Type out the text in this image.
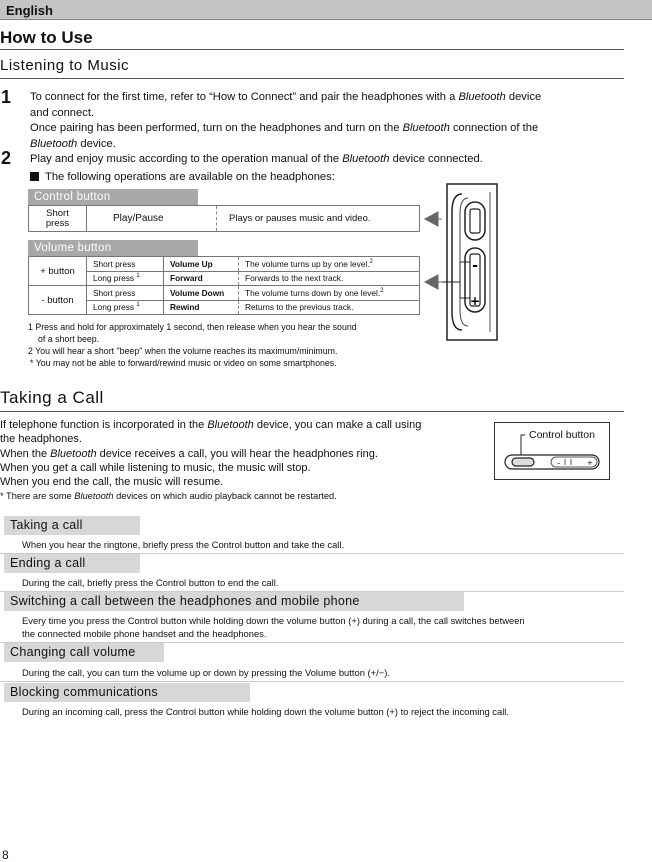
English
How to Use
Listening to Music
1 To connect for the first time, refer to “How to Connect” and pair the headphones with a Bluetooth device
and connect.
Once pairing has been performed, turn on the headphones and turn on the Bluetooth connection of the
Bluetooth device.
2 Play and enjoy music according to the operation manual of the Bluetooth device connected.
The following operations are available on the headphones:
Control button
Short press	Play/Pause	Plays or pauses music and video.
Volume button
+ button	Short press	Volume Up	The volume turns up by one level.$^2$
	Long press $^1$	Forward	Forwards to the next track.
- button	Short press	Volume Down	The volume turns down by one level.$^2$
	Long press $^1$	Rewind	Returns to the previous track.
-
+
1 Press and hold for approximately 1 second, then release when you hear the sound
of a short beep.
2 You will hear a short "beep" when the volume reaches its maximum/minimum.
* You may not be able to forward/rewind music or video on some smartphones.
Taking a Call
If telephone function is incorporated in the Bluetooth device, you can make a call using
the headphones.
When the Bluetooth device receives a call, you will hear the headphones ring.
When you get a call while listening to music, the music will stop.
When you end the call, the music will resume.
* There are some Bluetooth devices on which audio playback cannot be restarted.
Control button
–	+
Taking a call
When you hear the ringtone, briefly press the Control button and take the call.
Ending a call
During the call, briefly press the Control button to end the call.
Switching a call between the headphones and mobile phone
Every time you press the Control button while holding down the volume button (+) during a call, the call switches between
the connected mobile phone handset and the headphones.
Changing call volume
During the call, you can turn the volume up or down by pressing the Volume button (+/−).
Blocking communications
During an incoming call, press the Control button while holding down the volume button (+) to reject the incoming call.
8
